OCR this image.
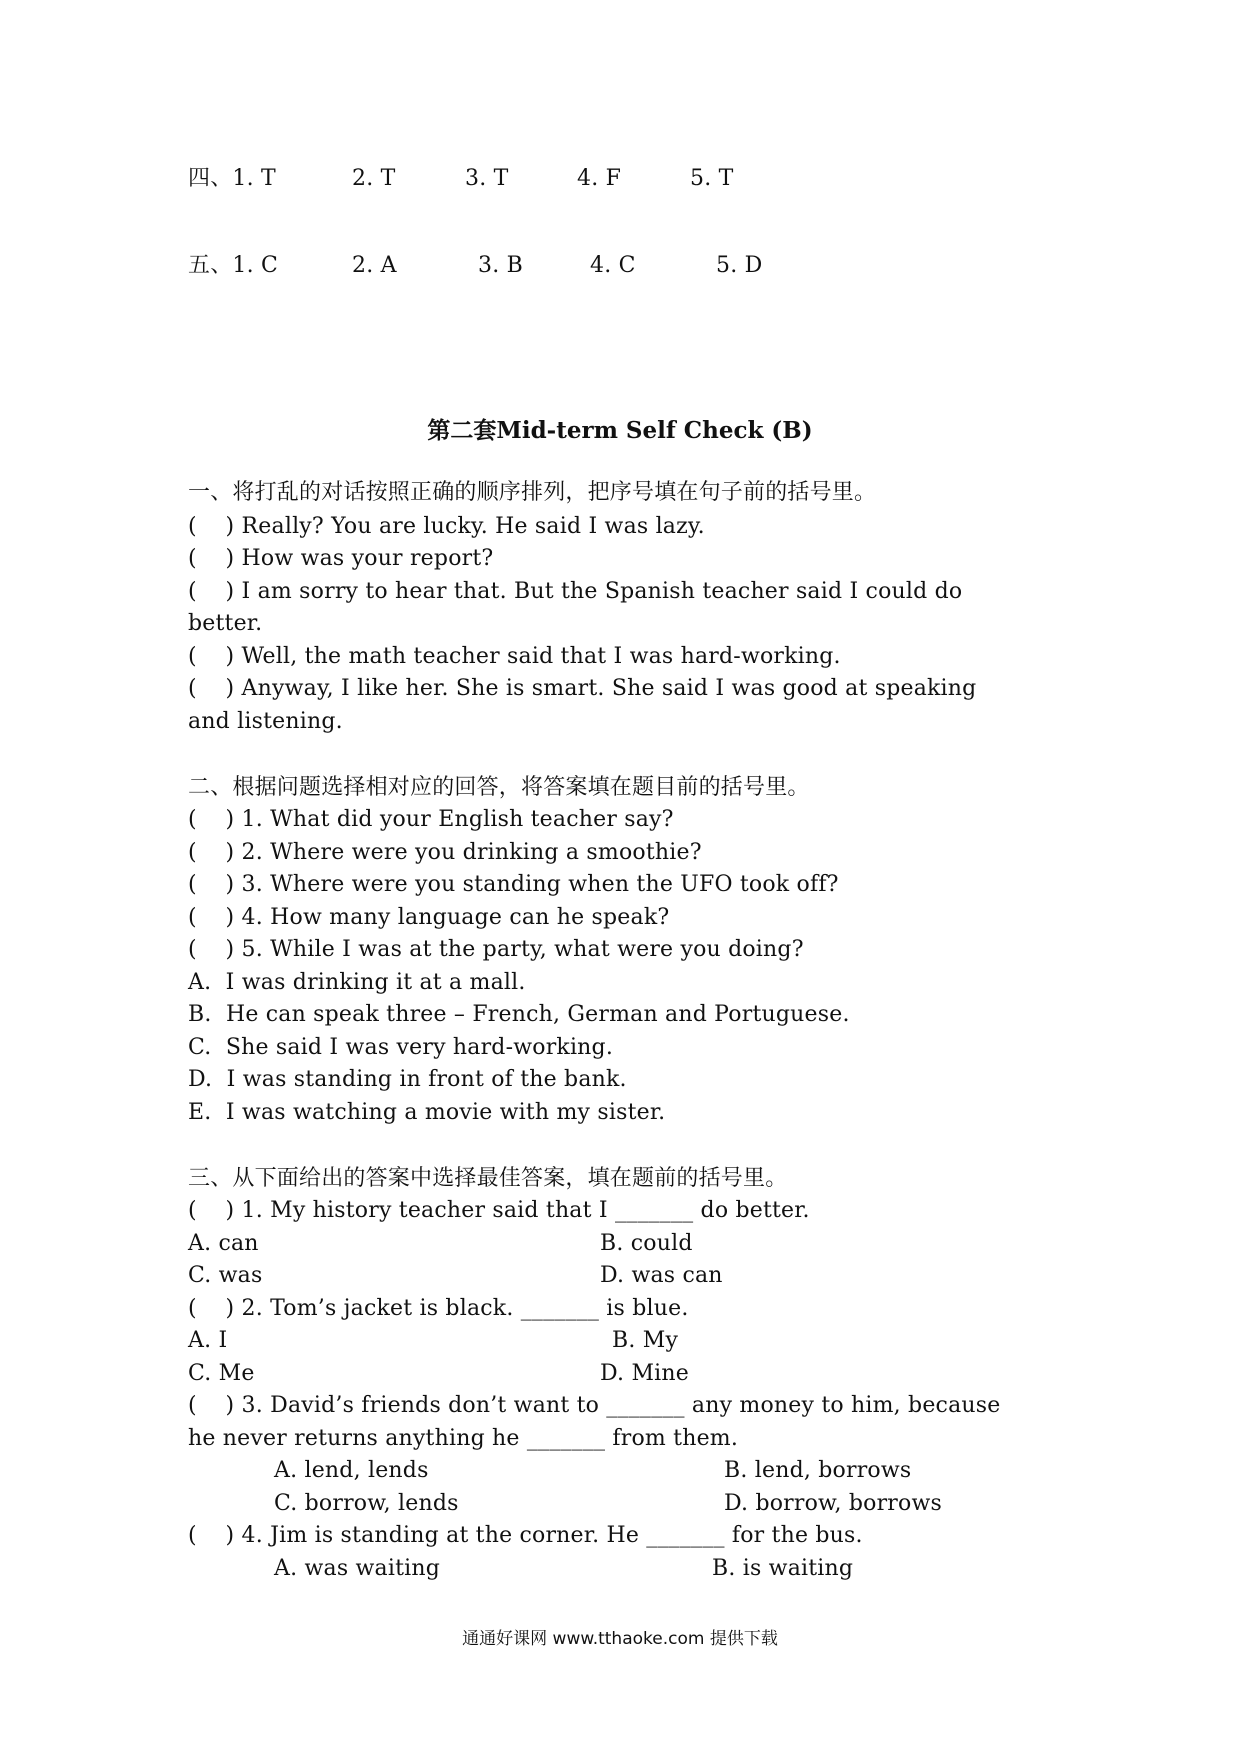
四、1. T	2. T	3. T	4. F	5. T
五、1. C	2. A	3. B	4. C	5. D
第二套Mid-term Self Check (B)
一、将打乱的对话按照正确的顺序排列，把序号填在句子前的括号里。
(    ) Really? You are lucky. He said I was lazy.
(    ) How was your report?
(    ) I am sorry to hear that. But the Spanish teacher said I could do
better.
(    ) Well, the math teacher said that I was hard-working.
(    ) Anyway, I like her. She is smart. She said I was good at speaking
and listening.
二、根据问题选择相对应的回答，将答案填在题目前的括号里。
(    ) 1. What did your English teacher say?
(    ) 2. Where were you drinking a smoothie?
(    ) 3. Where were you standing when the UFO took off?
(    ) 4. How many language can he speak?
(    ) 5. While I was at the party, what were you doing?
A.  I was drinking it at a mall.
B.  He can speak three – French, German and Portuguese.
C.  She said I was very hard-working.
D.  I was standing in front of the bank.
E.  I was watching a movie with my sister.
三、从下面给出的答案中选择最佳答案，填在题前的括号里。
(    ) 1. My history teacher said that I _______ do better.
A. can	B. could
C. was	D. was can
(    ) 2. Tom’s jacket is black. _______ is blue.
A. I	B. My
C. Me	D. Mine
(    ) 3. David’s friends don’t want to _______ any money to him, because
he never returns anything he _______ from them.
A. lend, lends	B. lend, borrows
C. borrow, lends	D. borrow, borrows
(    ) 4. Jim is standing at the corner. He _______ for the bus.
A. was waiting	B. is waiting
通通好课网 www.tthaoke.com 提供下载
